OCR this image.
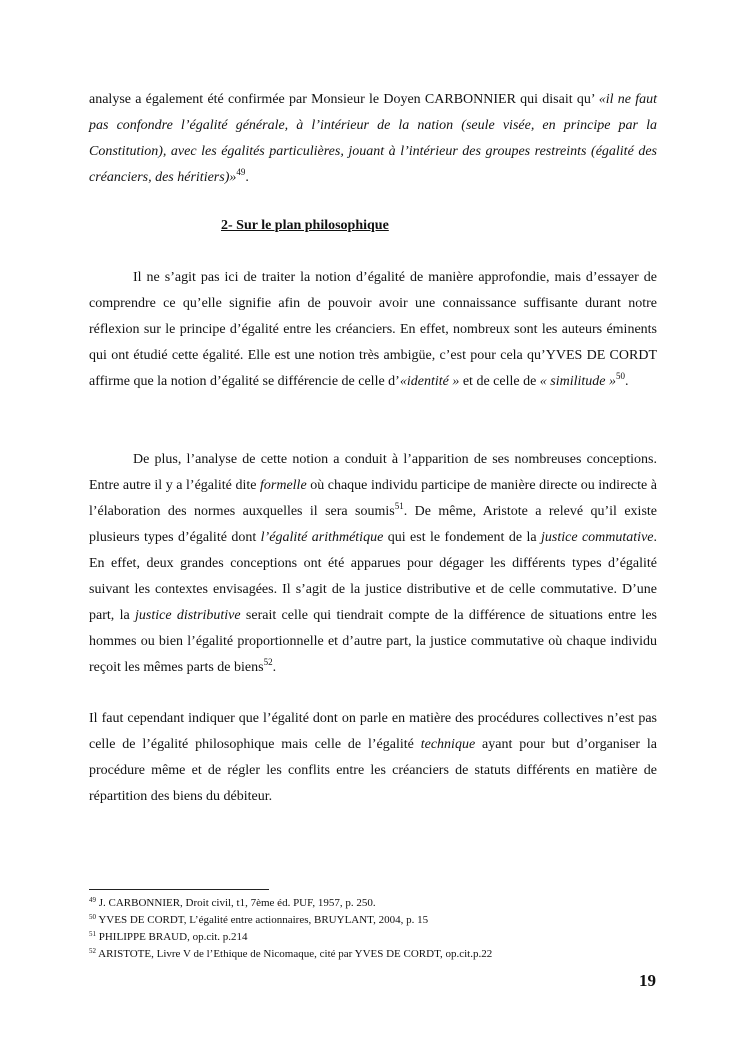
analyse a également été confirmée par Monsieur le Doyen CARBONNIER qui disait qu’ «il ne faut pas confondre l’égalité générale, à l’intérieur de la nation (seule visée, en principe par la Constitution), avec les égalités particulières, jouant à l’intérieur des groupes restreints (égalité des créanciers, des héritiers)»$^{49}$.

2- Sur le plan philosophique

Il ne s’agit pas ici de traiter la notion d’égalité de manière approfondie, mais d’essayer de comprendre ce qu’elle signifie afin de pouvoir avoir une connaissance suffisante durant notre réflexion sur le principe d’égalité entre les créanciers. En effet, nombreux sont les auteurs éminents qui ont étudié cette égalité. Elle est une notion très ambigüe, c’est pour cela qu’YVES DE CORDT affirme que la notion d’égalité se différencie de celle d’«identité » et de celle de « similitude »$^{50}$.

De plus, l’analyse de cette notion a conduit à l’apparition de ses nombreuses conceptions. Entre autre il y a l’égalité dite formelle où chaque individu participe de manière directe ou indirecte à l’élaboration des normes auxquelles il sera soumis$^{51}$. De même, Aristote a relevé qu’il existe plusieurs types d’égalité dont l’égalité arithmétique qui est le fondement de la justice commutative. En effet, deux grandes conceptions ont été apparues pour dégager les différents types d’égalité suivant les contextes envisagées. Il s’agit de la justice distributive et de celle commutative. D’une part, la justice distributive serait celle qui tiendrait compte de la différence de situations entre les hommes ou bien l’égalité proportionnelle et d’autre part, la justice commutative où chaque individu reçoit les mêmes parts de biens$^{52}$.

Il faut cependant indiquer que l’égalité dont on parle en matière des procédures collectives n’est pas celle de l’égalité philosophique mais celle de l’égalité technique ayant pour but d’organiser la procédure même et de régler les conflits entre les créanciers de statuts différents en matière de répartition des biens du débiteur.

$^{49}$ J. CARBONNIER, Droit civil, t1, 7ème éd. PUF, 1957, p. 250.
$^{50}$ YVES DE CORDT, L’égalité entre actionnaires, BRUYLANT, 2004, p. 15
$^{51}$ PHILIPPE BRAUD, op.cit. p.214
$^{52}$ ARISTOTE, Livre V de l’Ethique de Nicomaque, cité par YVES DE CORDT, op.cit.p.22
19
